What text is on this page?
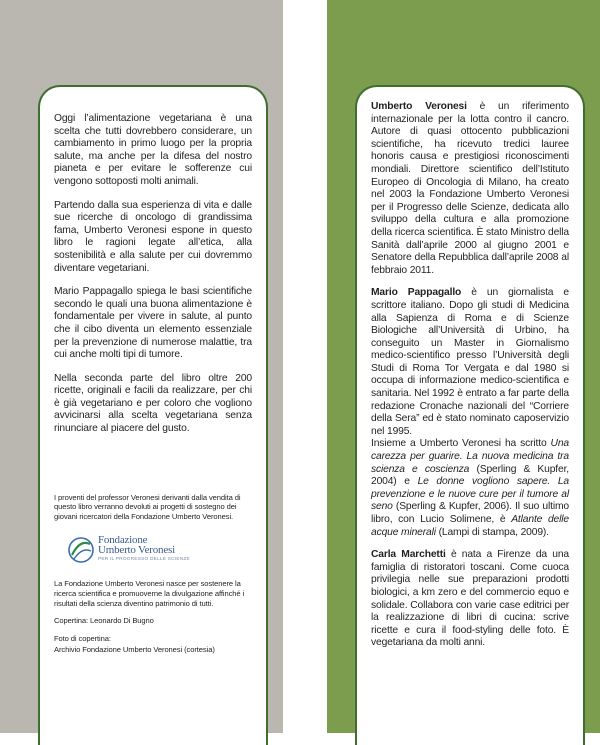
Oggi l’alimentazione vegetariana è una scelta che tutti dovrebbero considerare, un cambiamento in primo luogo per la propria salute, ma anche per la difesa del nostro pianeta e per evitare le sofferenze cui vengono sottoposti molti animali.

Partendo dalla sua esperienza di vita e dalle sue ricerche di oncologo di grandissima fama, Umberto Veronesi espone in questo libro le ragioni legate all’etica, alla sostenibilità e alla salute per cui dovremmo diventare vegetariani.

Mario Pappagallo spiega le basi scientifiche secondo le quali una buona alimentazione è fondamentale per vivere in salute, al punto che il cibo diventa un elemento essenziale per la prevenzione di numerose malattie, tra cui anche molti tipi di tumore.

Nella seconda parte del libro oltre 200 ricette, originali e facili da realizzare, per chi è già vegetariano e per coloro che vogliono avvicinarsi alla scelta vegetariana senza rinunciare al piacere del gusto.

I proventi del professor Veronesi derivanti dalla vendita di questo libro verranno devoluti ai progetti di sostegno dei giovani ricercatori della Fondazione Umberto Veronesi.

Fondazione
Umberto Veronesi
PER IL PROGRESSO DELLE SCIENZE

La Fondazione Umberto Veronesi nasce per sostenere la ricerca scientifica e promuoverne la divulgazione affinché i risultati della scienza diventino patrimonio di tutti.

Copertina: Leonardo Di Bugno

Foto di copertina:

Archivio Fondazione Umberto Veronesi (cortesia)

Umberto Veronesi è un riferimento internazionale per la lotta contro il cancro. Autore di quasi ottocento pubblicazioni scientifiche, ha ricevuto tredici lauree honoris causa e prestigiosi riconoscimenti mondiali. Direttore scientifico dell’Istituto Europeo di Oncologia di Milano, ha creato nel 2003 la Fondazione Umberto Veronesi per il Progresso delle Scienze, dedicata allo sviluppo della cultura e alla promozione della ricerca scientifica. È stato Ministro della Sanità dall’aprile 2000 al giugno 2001 e Senatore della Repubblica dall’aprile 2008 al febbraio 2011.

Mario Pappagallo è un giornalista e scrittore italiano. Dopo gli studi di Medicina alla Sapienza di Roma e di Scienze Biologiche all’Università di Urbino, ha conseguito un Master in Giornalismo medico-scientifico presso l’Università degli Studi di Roma Tor Vergata e dal 1980 si occupa di informazione medico-scientifica e sanitaria. Nel 1992 è entrato a far parte della redazione Cronache nazionali del “Corriere della Sera” ed è stato nominato caposervizio nel 1995.

Insieme a Umberto Veronesi ha scritto Una carezza per guarire. La nuova medicina tra scienza e coscienza (Sperling & Kupfer, 2004) e Le donne vogliono sapere. La prevenzione e le nuove cure per il tumore al seno (Sperling & Kupfer, 2006). Il suo ultimo libro, con Lucio Solimene, è Atlante delle acque minerali (Lampi di stampa, 2009).

Carla Marchetti è nata a Firenze da una famiglia di ristoratori toscani. Come cuoca privilegia nelle sue preparazioni prodotti biologici, a km zero e del commercio equo e solidale. Collabora con varie case editrici per la realizzazione di libri di cucina: scrive ricette e cura il food-styling delle foto. È vegetariana da molti anni.
